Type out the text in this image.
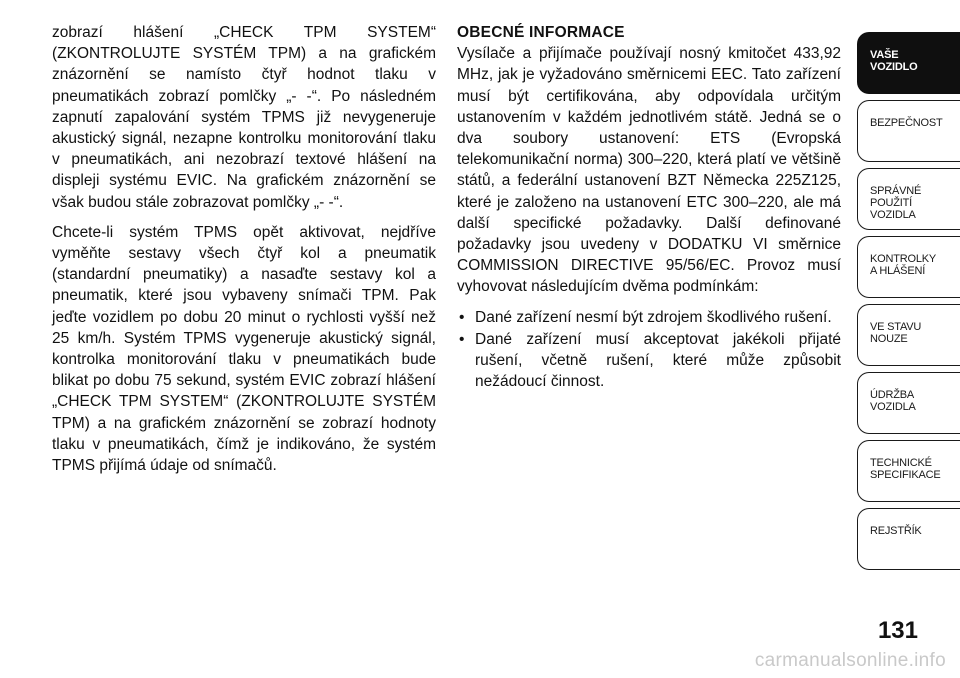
zobrazí hlášení „CHECK TPM SYSTEM“ (ZKONTROLUJTE SYSTÉM TPM) a na grafickém znázornění se namísto čtyř hodnot tlaku v pneumatikách zobrazí pomlčky „- -“. Po následném zapnutí zapalování systém TPMS již nevygeneruje akustický signál, nezapne kontrolku monitorování tlaku v pneumatikách, ani nezobrazí textové hlášení na displeji systému EVIC. Na grafickém znázornění se však budou stále zobrazovat pomlčky „- -“.

Chcete-li systém TPMS opět aktivovat, nejdříve vyměňte sestavy všech čtyř kol a pneumatik (standardní pneumatiky) a nasaďte sestavy kol a pneumatik, které jsou vybaveny snímači TPM. Pak jeďte vozidlem po dobu 20 minut o rychlosti vyšší než 25 km/h. Systém TPMS vygeneruje akustický signál, kontrolka monitorování tlaku v pneumatikách bude blikat po dobu 75 sekund, systém EVIC zobrazí hlášení „CHECK TPM SYSTEM“ (ZKONTROLUJTE SYSTÉM TPM) a na grafickém znázornění se zobrazí hodnoty tlaku v pneumatikách, čímž je indikováno, že systém TPMS přijímá údaje od snímačů.

OBECNÉ INFORMACE

Vysílače a přijímače používají nosný kmitočet 433,92 MHz, jak je vyžadováno směrnicemi EEC. Tato zařízení musí být certifikována, aby odpovídala určitým ustanovením v každém jednotlivém státě. Jedná se o dva soubory ustanovení: ETS (Evropská telekomunikační norma) 300–220, která platí ve většině států, a federální ustanovení BZT Německa 225Z125, které je založeno na ustanovení ETC 300–220, ale má další specifické požadavky. Další definované požadavky jsou uvedeny v DODATKU VI směrnice COMMISSION DIRECTIVE 95/56/EC. Provoz musí vyhovovat následujícím dvěma podmínkám:

• Dané zařízení nesmí být zdrojem škodlivého rušení.
• Dané zařízení musí akceptovat jakékoli přijaté rušení, včetně rušení, které může způsobit nežádoucí činnost.
VAŠE
VOZIDLO
BEZPEČNOST
SPRÁVNÉ
POUŽITÍ
VOZIDLA
KONTROLKY
A HLÁŠENÍ
VE STAVU
NOUZE
ÚDRŽBA
VOZIDLA
TECHNICKÉ
SPECIFIKACE
REJSTŘÍK
131
carmanualsonline.info
